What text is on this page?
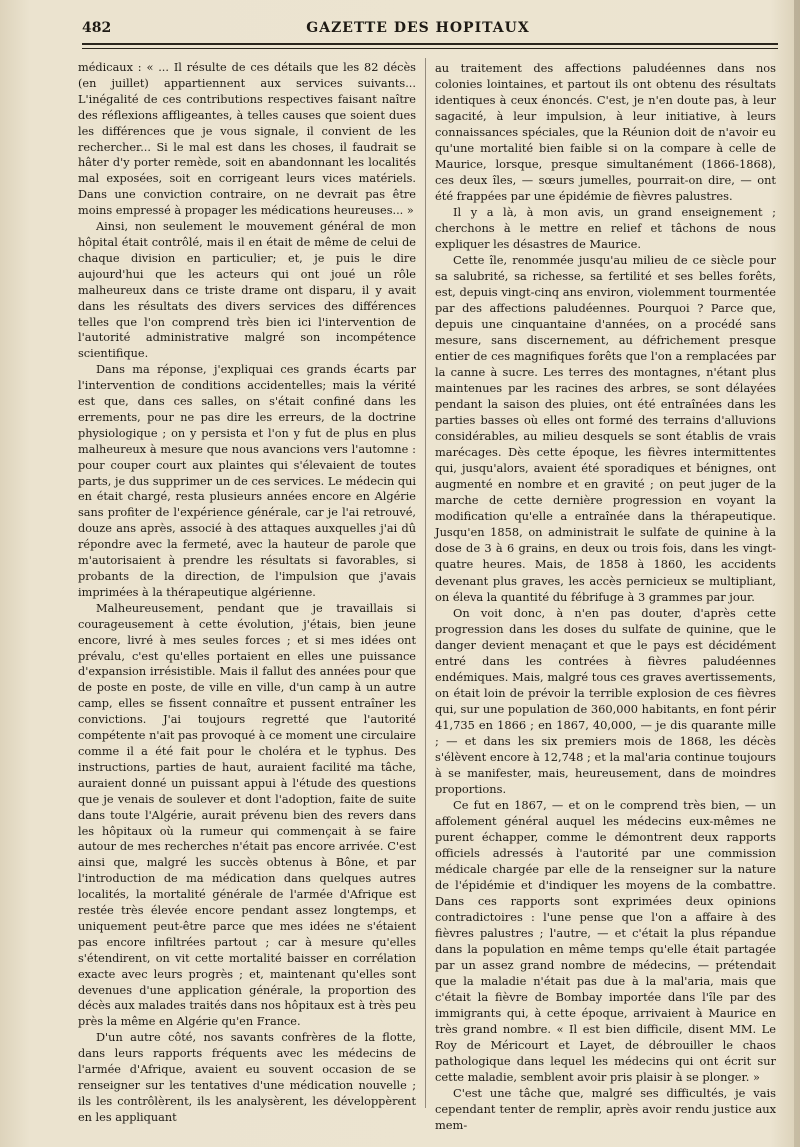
482	GAZETTE DES HOPITAUX

médicaux : « ... Il résulte de ces détails que les 82 décès (en juillet) appartiennent aux services suivants... L'inégalité de ces contributions respectives faisant naître des réflexions affligeantes, à telles causes que soient dues les différences que je vous signale, il convient de les rechercher... Si le mal est dans les choses, il faudrait se hâter d'y porter remède, soit en abandonnant les localités mal exposées, soit en corrigeant leurs vices matériels. Dans une conviction contraire, on ne devrait pas être moins empressé à propager les médications heureuses... »

Ainsi, non seulement le mouvement général de mon hôpital était contrôlé, mais il en était de même de celui de chaque division en particulier; et, je puis le dire aujourd'hui que les acteurs qui ont joué un rôle malheureux dans ce triste drame ont disparu, il y avait dans les résultats des divers services des différences telles que l'on comprend très bien ici l'intervention de l'autorité administrative malgré son incompétence scientifique.

Dans ma réponse, j'expliquai ces grands écarts par l'intervention de conditions accidentelles; mais la vérité est que, dans ces salles, on s'était confiné dans les errements, pour ne pas dire les erreurs, de la doctrine physiologique ; on y persista et l'on y fut de plus en plus malheureux à mesure que nous avancions vers l'automne : pour couper court aux plaintes qui s'élevaient de toutes parts, je dus supprimer un de ces services. Le médecin qui en était chargé, resta plusieurs années encore en Algérie sans profiter de l'expérience générale, car je l'ai retrouvé, douze ans après, associé à des attaques auxquelles j'ai dû répondre avec la fermeté, avec la hauteur de parole que m'autorisaient à prendre les résultats si favorables, si probants de la direction, de l'impulsion que j'avais imprimées à la thérapeutique algérienne.

Malheureusement, pendant que je travaillais si courageusement à cette évolution, j'étais, bien jeune encore, livré à mes seules forces ; et si mes idées ont prévalu, c'est qu'elles portaient en elles une puissance d'expansion irrésistible. Mais il fallut des années pour que de poste en poste, de ville en ville, d'un camp à un autre camp, elles se fissent connaître et pussent entraîner les convictions. J'ai toujours regretté que l'autorité compétente n'ait pas provoqué à ce moment une circulaire comme il a été fait pour le choléra et le typhus. Des instructions, parties de haut, auraient facilité ma tâche, auraient donné un puissant appui à l'étude des questions que je venais de soulever et dont l'adoption, faite de suite dans toute l'Algérie, aurait prévenu bien des revers dans les hôpitaux où la rumeur qui commençait à se faire autour de mes recherches n'était pas encore arrivée. C'est ainsi que, malgré les succès obtenus à Bône, et par l'introduction de ma médication dans quelques autres localités, la mortalité générale de l'armée d'Afrique est restée très élevée encore pendant assez longtemps, et uniquement peut-être parce que mes idées ne s'étaient pas encore infiltrées partout ; car à mesure qu'elles s'étendirent, on vit cette mortalité baisser en corrélation exacte avec leurs progrès ; et, maintenant qu'elles sont devenues d'une application générale, la proportion des décès aux malades traités dans nos hôpitaux est à très peu près la même en Algérie qu'en France.

D'un autre côté, nos savants confrères de la flotte, dans leurs rapports fréquents avec les médecins de l'armée d'Afrique, avaient eu souvent occasion de se renseigner sur les tentatives d'une médication nouvelle ; ils les contrôlèrent, ils les analysèrent, les développèrent en les appliquant

au traitement des affections paludéennes dans nos colonies lointaines, et partout ils ont obtenu des résultats identiques à ceux énoncés. C'est, je n'en doute pas, à leur sagacité, à leur impulsion, à leur initiative, à leurs connaissances spéciales, que la Réunion doit de n'avoir eu qu'une mortalité bien faible si on la compare à celle de Maurice, lorsque, presque simultanément (1866-1868), ces deux îles, — sœurs jumelles, pourrait-on dire, — ont été frappées par une épidémie de fièvres palustres.

Il y a là, à mon avis, un grand enseignement ; cherchons à le mettre en relief et tâchons de nous expliquer les désastres de Maurice.

Cette île, renommée jusqu'au milieu de ce siècle pour sa salubrité, sa richesse, sa fertilité et ses belles forêts, est, depuis vingt-cinq ans environ, violemment tourmentée par des affections paludéennes. Pourquoi ? Parce que, depuis une cinquantaine d'années, on a procédé sans mesure, sans discernement, au défrichement presque entier de ces magnifiques forêts que l'on a remplacées par la canne à sucre. Les terres des montagnes, n'étant plus maintenues par les racines des arbres, se sont délayées pendant la saison des pluies, ont été entraînées dans les parties basses où elles ont formé des terrains d'alluvions considérables, au milieu desquels se sont établis de vrais marécages. Dès cette époque, les fièvres intermittentes qui, jusqu'alors, avaient été sporadiques et bénignes, ont augmenté en nombre et en gravité ; on peut juger de la marche de cette dernière progression en voyant la modification qu'elle a entraînée dans la thérapeutique. Jusqu'en 1858, on administrait le sulfate de quinine à la dose de 3 à 6 grains, en deux ou trois fois, dans les vingt-quatre heures. Mais, de 1858 à 1860, les accidents devenant plus graves, les accès pernicieux se multipliant, on éleva la quantité du fébrifuge à 3 grammes par jour.

On voit donc, à n'en pas douter, d'après cette progression dans les doses du sulfate de quinine, que le danger devient menaçant et que le pays est décidément entré dans les contrées à fièvres paludéennes endémiques. Mais, malgré tous ces graves avertissements, on était loin de prévoir la terrible explosion de ces fièvres qui, sur une population de 360,000 habitants, en font périr 41,735 en 1866 ; en 1867, 40,000, — je dis quarante mille ; — et dans les six premiers mois de 1868, les décès s'élèvent encore à 12,748 ; et la mal'aria continue toujours à se manifester, mais, heureusement, dans de moindres proportions.

Ce fut en 1867, — et on le comprend très bien, — un affolement général auquel les médecins eux-mêmes ne purent échapper, comme le démontrent deux rapports officiels adressés à l'autorité par une commission médicale chargée par elle de la renseigner sur la nature de l'épidémie et d'indiquer les moyens de la combattre. Dans ces rapports sont exprimées deux opinions contradictoires : l'une pense que l'on a affaire à des fièvres palustres ; l'autre, — et c'était la plus répandue dans la population en même temps qu'elle était partagée par un assez grand nombre de médecins, — prétendait que la maladie n'était pas due à la mal'aria, mais que c'était la fièvre de Bombay importée dans l'île par des immigrants qui, à cette époque, arrivaient à Maurice en très grand nombre. « Il est bien difficile, disent MM. Le Roy de Méricourt et Layet, de débrouiller le chaos pathologique dans lequel les médecins qui ont écrit sur cette maladie, semblent avoir pris plaisir à se plonger. »

C'est une tâche que, malgré ses difficultés, je vais cependant tenter de remplir, après avoir rendu justice aux mem-
